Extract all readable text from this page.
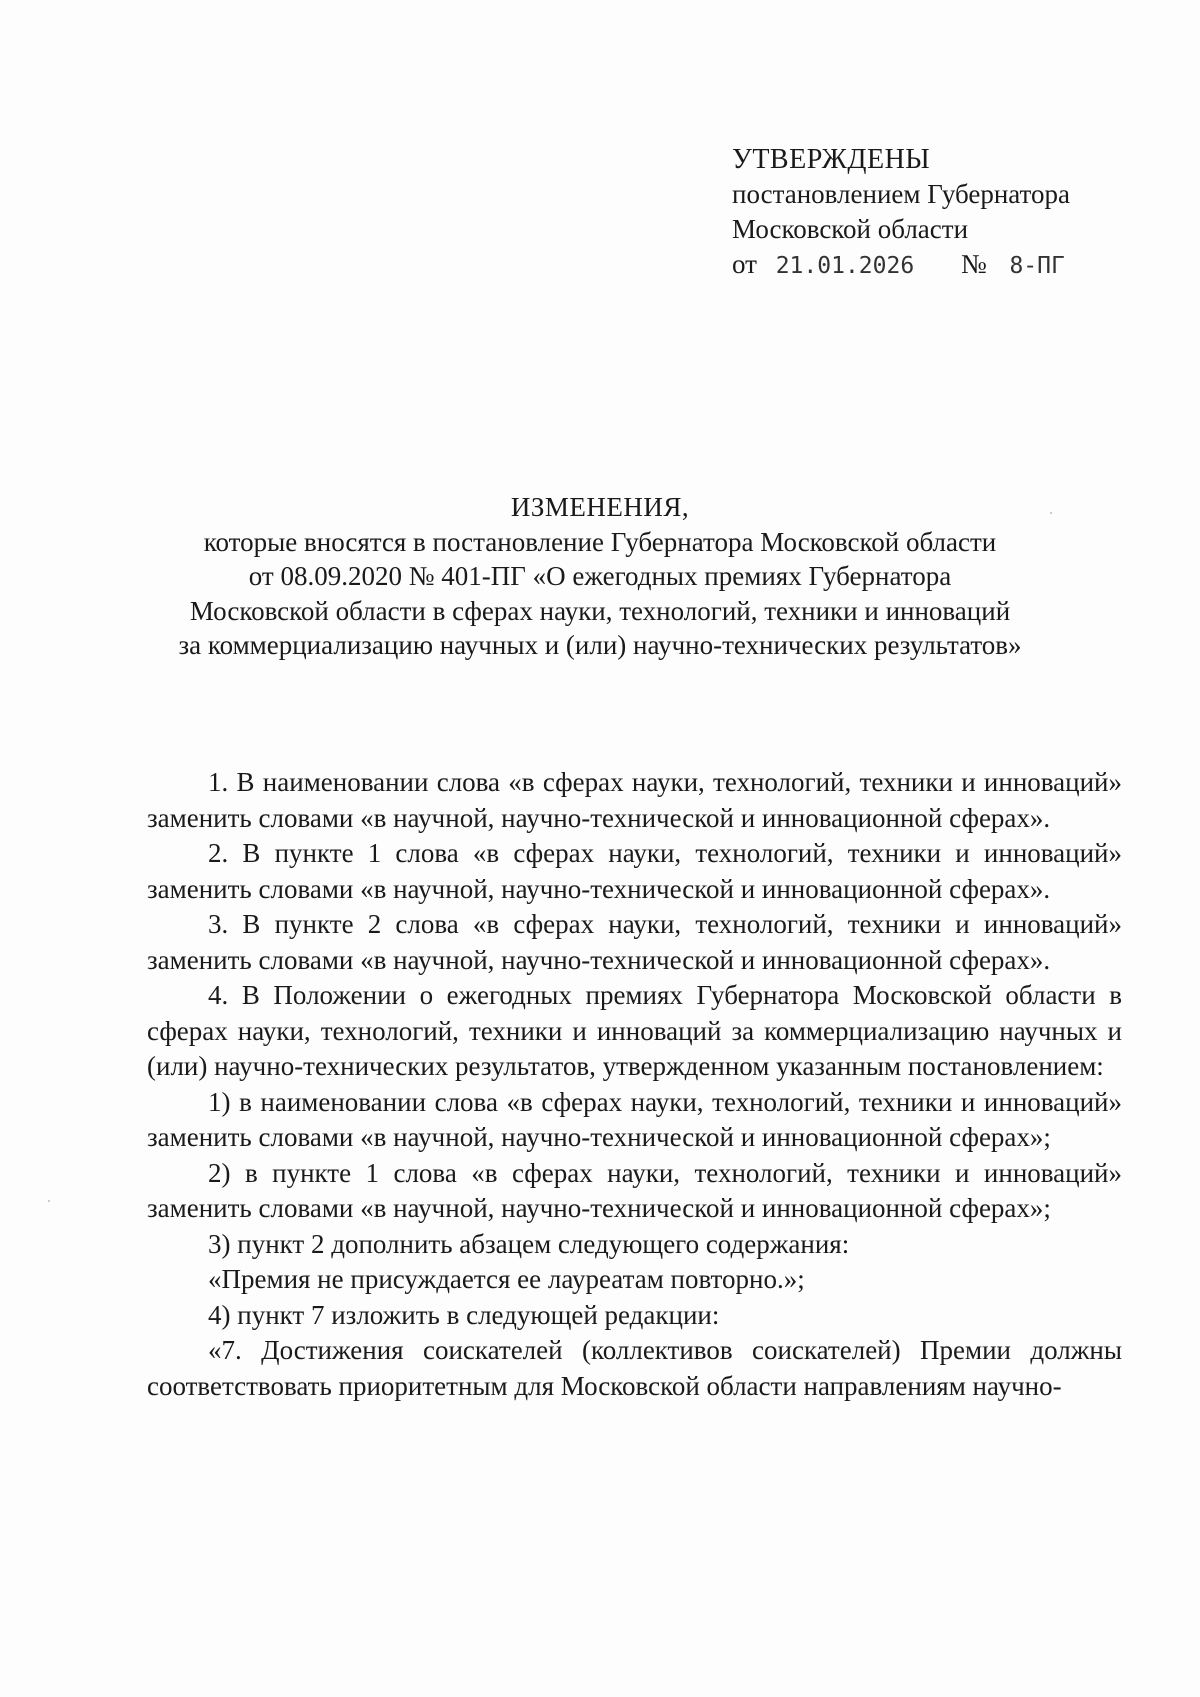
УТВЕРЖДЕНЫ
постановлением Губернатора
Московской области
от 21.01.2026 № 8-ПГ
ИЗМЕНЕНИЯ,
которые вносятся в постановление Губернатора Московской области
от 08.09.2020 № 401-ПГ «О ежегодных премиях Губернатора
Московской области в сферах науки, технологий, техники и инноваций
за коммерциализацию научных и (или) научно-технических результатов»

1. В наименовании слова «в сферах науки, технологий, техники и инноваций» заменить словами «в научной, научно-технической и инновационной сферах».

2. В пункте 1 слова «в сферах науки, технологий, техники и инноваций» заменить словами «в научной, научно-технической и инновационной сферах».

3. В пункте 2 слова «в сферах науки, технологий, техники и инноваций» заменить словами «в научной, научно-технической и инновационной сферах».

4. В Положении о ежегодных премиях Губернатора Московской области в сферах науки, технологий, техники и инноваций за коммерциализацию научных и (или) научно-технических результатов, утвержденном указанным постановлением:

1) в наименовании слова «в сферах науки, технологий, техники и инноваций» заменить словами «в научной, научно-технической и инновационной сферах»;

2) в пункте 1 слова «в сферах науки, технологий, техники и инноваций» заменить словами «в научной, научно-технической и инновационной сферах»;

3) пункт 2 дополнить абзацем следующего содержания:

«Премия не присуждается ее лауреатам повторно.»;

4) пункт 7 изложить в следующей редакции:

«7. Достижения соискателей (коллективов соискателей) Премии должны соответствовать приоритетным для Московской области направлениям научно-
